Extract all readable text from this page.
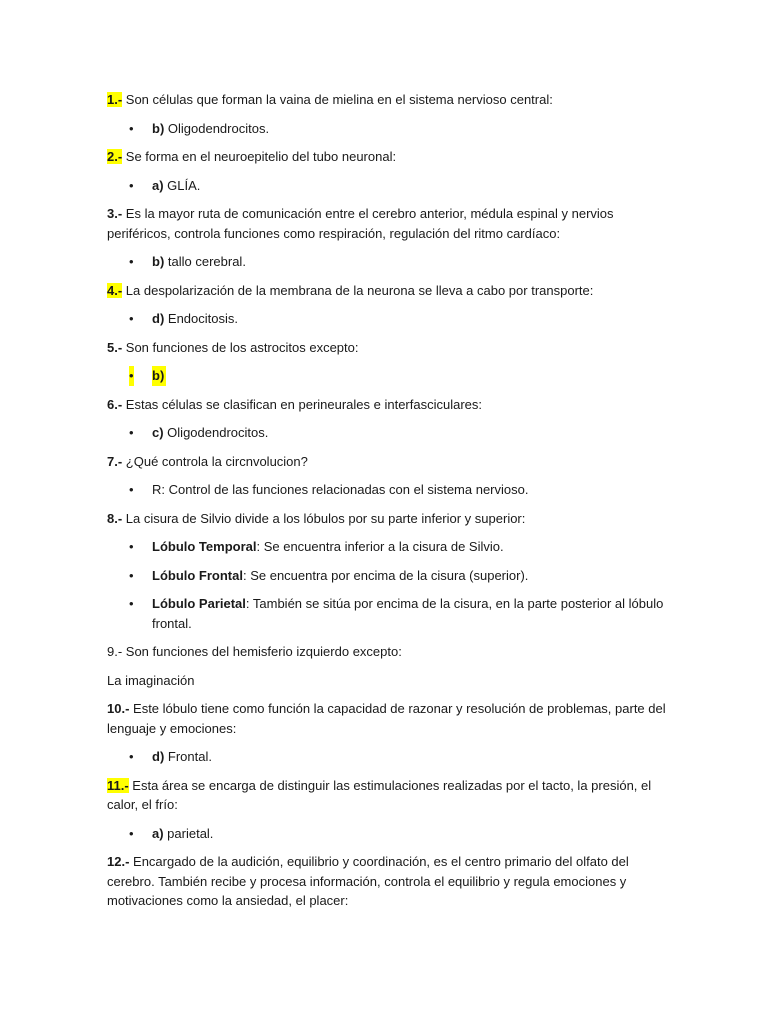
1.- Son células que forman la vaina de mielina en el sistema nervioso central:

• b) Oligodendrocitos.

2.- Se forma en el neuroepitelio del tubo neuronal:

• a) GLÍA.

3.- Es la mayor ruta de comunicación entre el cerebro anterior, médula espinal y nervios periféricos, controla funciones como respiración, regulación del ritmo cardíaco:

• b) tallo cerebral.

4.- La despolarización de la membrana de la neurona se lleva a cabo por transporte:

• d) Endocitosis.

5.- Son funciones de los astrocitos excepto:

• b)

6.- Estas células se clasifican en perineurales e interfasciculares:

• c) Oligodendrocitos.

7.- ¿Qué controla la circnvolucion?

• R: Control de las funciones relacionadas con el sistema nervioso.

8.- La cisura de Silvio divide a los lóbulos por su parte inferior y superior:

• Lóbulo Temporal: Se encuentra inferior a la cisura de Silvio.

• Lóbulo Frontal: Se encuentra por encima de la cisura (superior).

• Lóbulo Parietal: También se sitúa por encima de la cisura, en la parte posterior al lóbulo frontal.

9.- Son funciones del hemisferio izquierdo excepto:

La imaginación

10.- Este lóbulo tiene como función la capacidad de razonar y resolución de problemas, parte del lenguaje y emociones:

• d) Frontal.

11.- Esta área se encarga de distinguir las estimulaciones realizadas por el tacto, la presión, el calor, el frío:

• a) parietal.

12.- Encargado de la audición, equilibrio y coordinación, es el centro primario del olfato del cerebro. También recibe y procesa información, controla el equilibrio y regula emociones y motivaciones como la ansiedad, el placer:
